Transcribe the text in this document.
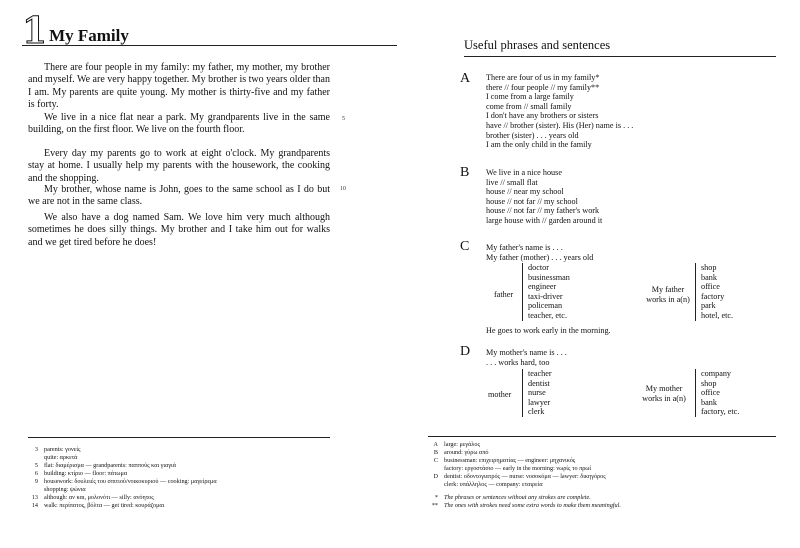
1 My Family

There are four people in my family: my father, my mother, my brother and myself. We are very happy together. My brother is two years older than I am. My parents are quite young. My mother is thirty-five and my father is forty.

We live in a nice flat near a park. My grandparents live in the same building, on the first floor. We live on the fourth floor.

Every day my parents go to work at eight o'clock. My grandparents stay at home. I usually help my parents with the housework, the cooking and the shopping.

My brother, whose name is John, goes to the same school as I do but we are not in the same class.

We also have a dog named Sam. We love him very much although sometimes he does silly things. My brother and I take him out for walks and we get tired before he does!

5
10
3 parents: γονείς
quite: αρκετά
5 flat: διαμέρισμα — grandparents: παππούς και γιαγιά
6 building: κτίριο — floor: πάτωμα
9 housework: δουλειές του σπιτιού/νοικοκυριού — cooking: μαγείρεμα
shopping: ψώνια
13 although: αν και, μολονότι — silly: ανόητος
14 walk: περίπατος, βόλτα — get tired: κουράζομαι
Useful phrases and sentences
A There are four of us in my family*
there // four people // my family**
I come from a large family
come from // small family
I don't have any brothers or sisters
have // brother (sister). His (Her) name is . . .
brother (sister) . . . years old
I am the only child in the family
B We live in a nice house
live // small flat
house // near my school
house // not far // my school
house // not far // my father's work
large house with // garden around it
C My father's name is . . .
My father (mother) . . . years old
father
doctor
businessman
engineer
taxi-driver
policeman
teacher, etc.
My father
works in a(n)
shop
bank
office
factory
park
hotel, etc.
He goes to work early in the morning.
D My mother's name is . . .
. . . works hard, too
mother
teacher
dentist
nurse
lawyer
clerk
My mother
works in a(n)
company
shop
office
bank
factory, etc.
A large: μεγάλος
B around: γύρω από
C businessman: επιχειρηματίας — engineer: μηχανικός
factory: εργοστάσιο — early in the morning: νωρίς το πρωί
D dentist: οδοντογιατρός — nurse: νοσοκόμα — lawyer: δικηγόρος
clerk: υπάλληλος — company: εταιρεία
* The phrases or sentences without any strokes are complete.
** The ones with strokes need some extra words to make them meaningful.
